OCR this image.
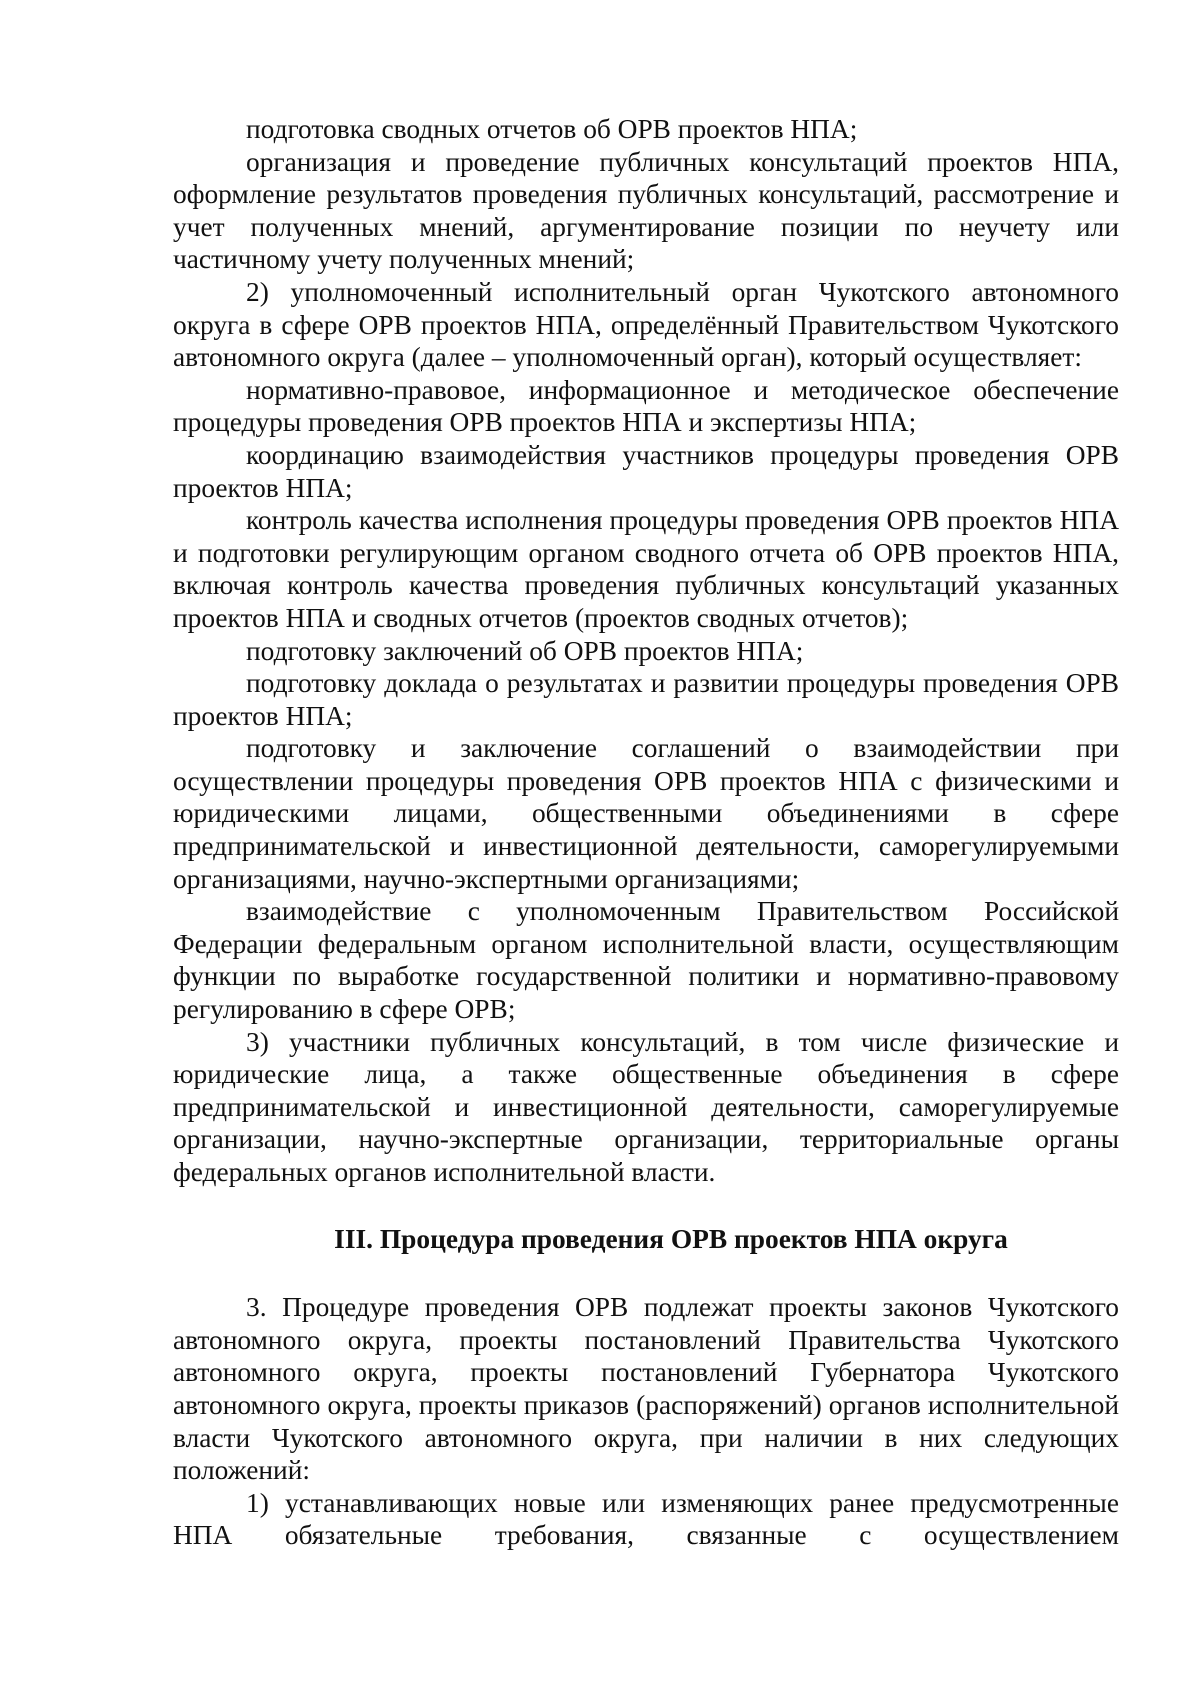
подготовка сводных отчетов об ОРВ проектов НПА;

организация и проведение публичных консультаций проектов НПА, оформление результатов проведения публичных консультаций, рассмотрение и учет полученных мнений, аргументирование позиции по неучету или частичному учету полученных мнений;

2) уполномоченный исполнительный орган Чукотского автономного округа в сфере ОРВ проектов НПА, определённый Правительством Чукотского автономного округа (далее – уполномоченный орган), который осуществляет:

нормативно-правовое, информационное и методическое обеспечение процедуры проведения ОРВ проектов НПА и экспертизы НПА;

координацию взаимодействия участников процедуры проведения ОРВ проектов НПА;

контроль качества исполнения процедуры проведения ОРВ проектов НПА и подготовки регулирующим органом сводного отчета об ОРВ проектов НПА, включая контроль качества проведения публичных консультаций указанных проектов НПА и сводных отчетов (проектов сводных отчетов);

подготовку заключений об ОРВ проектов НПА;

подготовку доклада о результатах и развитии процедуры проведения ОРВ проектов НПА;

подготовку и заключение соглашений о взаимодействии при осуществлении процедуры проведения ОРВ проектов НПА с физическими и юридическими лицами, общественными объединениями в сфере предпринимательской и инвестиционной деятельности, саморегулируемыми организациями, научно-экспертными организациями;

взаимодействие с уполномоченным Правительством Российской Федерации федеральным органом исполнительной власти, осуществляющим функции по выработке государственной политики и нормативно-правовому регулированию в сфере ОРВ;

3) участники публичных консультаций, в том числе физические и юридические лица, а также общественные объединения в сфере предпринимательской и инвестиционной деятельности, саморегулируемые организации, научно-экспертные организации, территориальные органы федеральных органов исполнительной власти.

III. Процедура проведения ОРВ проектов НПА округа

3. Процедуре проведения ОРВ подлежат проекты законов Чукотского автономного округа, проекты постановлений Правительства Чукотского автономного округа, проекты постановлений Губернатора Чукотского автономного округа, проекты приказов (распоряжений) органов исполнительной власти Чукотского автономного округа, при наличии в них следующих положений:

1) устанавливающих новые или изменяющих ранее предусмотренные НПА обязательные требования, связанные с осуществлением
